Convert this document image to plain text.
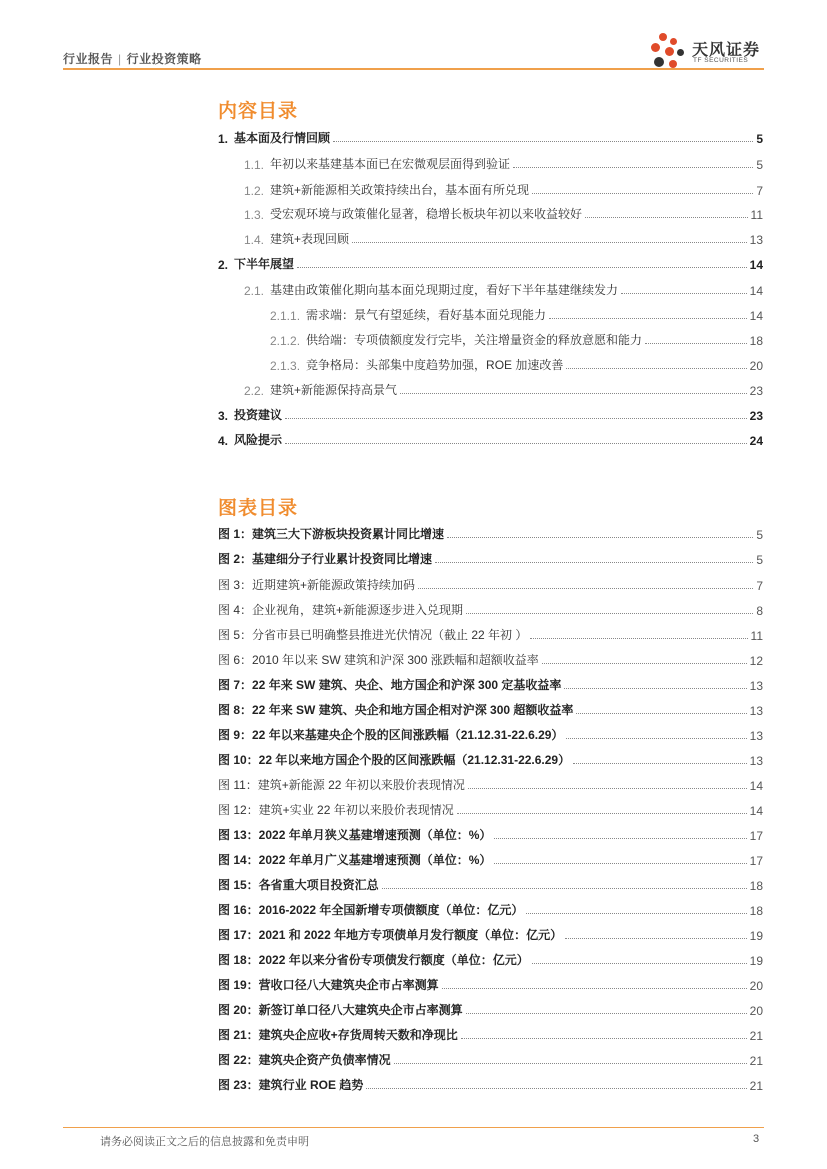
行业报告 | 行业投资策略	天风证券
TF SECURITIES
内容目录
1. 基本面及行情回顾	5
1.1. 年初以来基建基本面已在宏微观层面得到验证	5
1.2. 建筑+新能源相关政策持续出台，基本面有所兑现	7
1.3. 受宏观环境与政策催化显著，稳增长板块年初以来收益较好	11
1.4. 建筑+表现回顾	13
2. 下半年展望	14
2.1. 基建由政策催化期向基本面兑现期过度，看好下半年基建继续发力	14
2.1.1. 需求端：景气有望延续，看好基本面兑现能力	14
2.1.2. 供给端：专项债额度发行完毕，关注增量资金的释放意愿和能力	18
2.1.3. 竞争格局：头部集中度趋势加强，ROE 加速改善	20
2.2. 建筑+新能源保持高景气	23
3. 投资建议	23
4. 风险提示	24
图表目录
图 1：建筑三大下游板块投资累计同比增速	5
图 2：基建细分子行业累计投资同比增速	5
图 3：近期建筑+新能源政策持续加码	7
图 4：企业视角，建筑+新能源逐步进入兑现期	8
图 5：分省市县已明确整县推进光伏情况（截止 22 年初 ）	11
图 6：2010 年以来 SW 建筑和沪深 300 涨跌幅和超额收益率	12
图 7：22 年来 SW 建筑、央企、地方国企和沪深 300 定基收益率	13
图 8：22 年来 SW 建筑、央企和地方国企相对沪深 300 超额收益率	13
图 9：22 年以来基建央企个股的区间涨跌幅（21.12.31-22.6.29）	13
图 10：22 年以来地方国企个股的区间涨跌幅（21.12.31-22.6.29）	13
图 11：建筑+新能源 22 年初以来股价表现情况	14
图 12：建筑+实业 22 年初以来股价表现情况	14
图 13：2022 年单月狭义基建增速预测（单位：%）	17
图 14：2022 年单月广义基建增速预测（单位：%）	17
图 15：各省重大项目投资汇总	18
图 16：2016-2022 年全国新增专项债额度（单位：亿元）	18
图 17：2021 和 2022 年地方专项债单月发行额度（单位：亿元）	19
图 18：2022 年以来分省份专项债发行额度（单位：亿元）	19
图 19：营收口径八大建筑央企市占率测算	20
图 20：新签订单口径八大建筑央企市占率测算	20
图 21：建筑央企应收+存货周转天数和净现比	21
图 22：建筑央企资产负债率情况	21
图 23：建筑行业 ROE 趋势	21
请务必阅读正文之后的信息披露和免责申明	3
